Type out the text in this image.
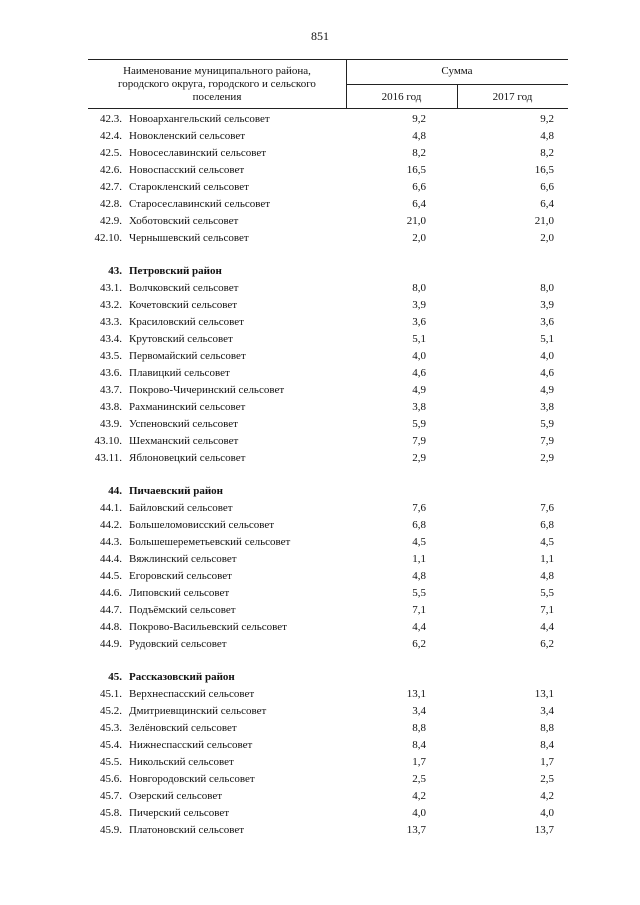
851
Наименование муниципального района,
городского округа, городского и сельского
поселения
Сумма
2016 год	2017 год
42.3. Новоархангельский сельсовет	9,2	9,2
42.4. Новокленский сельсовет	4,8	4,8
42.5. Новосеславинский сельсовет	8,2	8,2
42.6. Новоспасский сельсовет	16,5	16,5
42.7. Старокленский сельсовет	6,6	6,6
42.8. Старосеславинский сельсовет	6,4	6,4
42.9. Хоботовский сельсовет	21,0	21,0
42.10. Чернышевский сельсовет	2,0	2,0
43. Петровский район
43.1. Волчковский сельсовет	8,0	8,0
43.2. Кочетовский сельсовет	3,9	3,9
43.3. Красиловский сельсовет	3,6	3,6
43.4. Крутовский сельсовет	5,1	5,1
43.5. Первомайский сельсовет	4,0	4,0
43.6. Плавицкий сельсовет	4,6	4,6
43.7. Покрово-Чичеринский сельсовет	4,9	4,9
43.8. Рахманинский сельсовет	3,8	3,8
43.9. Успеновский сельсовет	5,9	5,9
43.10. Шехманский сельсовет	7,9	7,9
43.11. Яблоновецкий сельсовет	2,9	2,9
44. Пичаевский район
44.1. Байловский сельсовет	7,6	7,6
44.2. Большеломовисский сельсовет	6,8	6,8
44.3. Большешереметьевский сельсовет	4,5	4,5
44.4. Вяжлинский сельсовет	1,1	1,1
44.5. Егоровский сельсовет	4,8	4,8
44.6. Липовский сельсовет	5,5	5,5
44.7. Подъёмский сельсовет	7,1	7,1
44.8. Покрово-Васильевский сельсовет	4,4	4,4
44.9. Рудовский сельсовет	6,2	6,2
45. Рассказовский район
45.1. Верхнеспасский сельсовет	13,1	13,1
45.2. Дмитриевщинский сельсовет	3,4	3,4
45.3. Зелёновский сельсовет	8,8	8,8
45.4. Нижнеспасский сельсовет	8,4	8,4
45.5. Никольский сельсовет	1,7	1,7
45.6. Новгородовский сельсовет	2,5	2,5
45.7. Озерский сельсовет	4,2	4,2
45.8. Пичерский сельсовет	4,0	4,0
45.9. Платоновский сельсовет	13,7	13,7
